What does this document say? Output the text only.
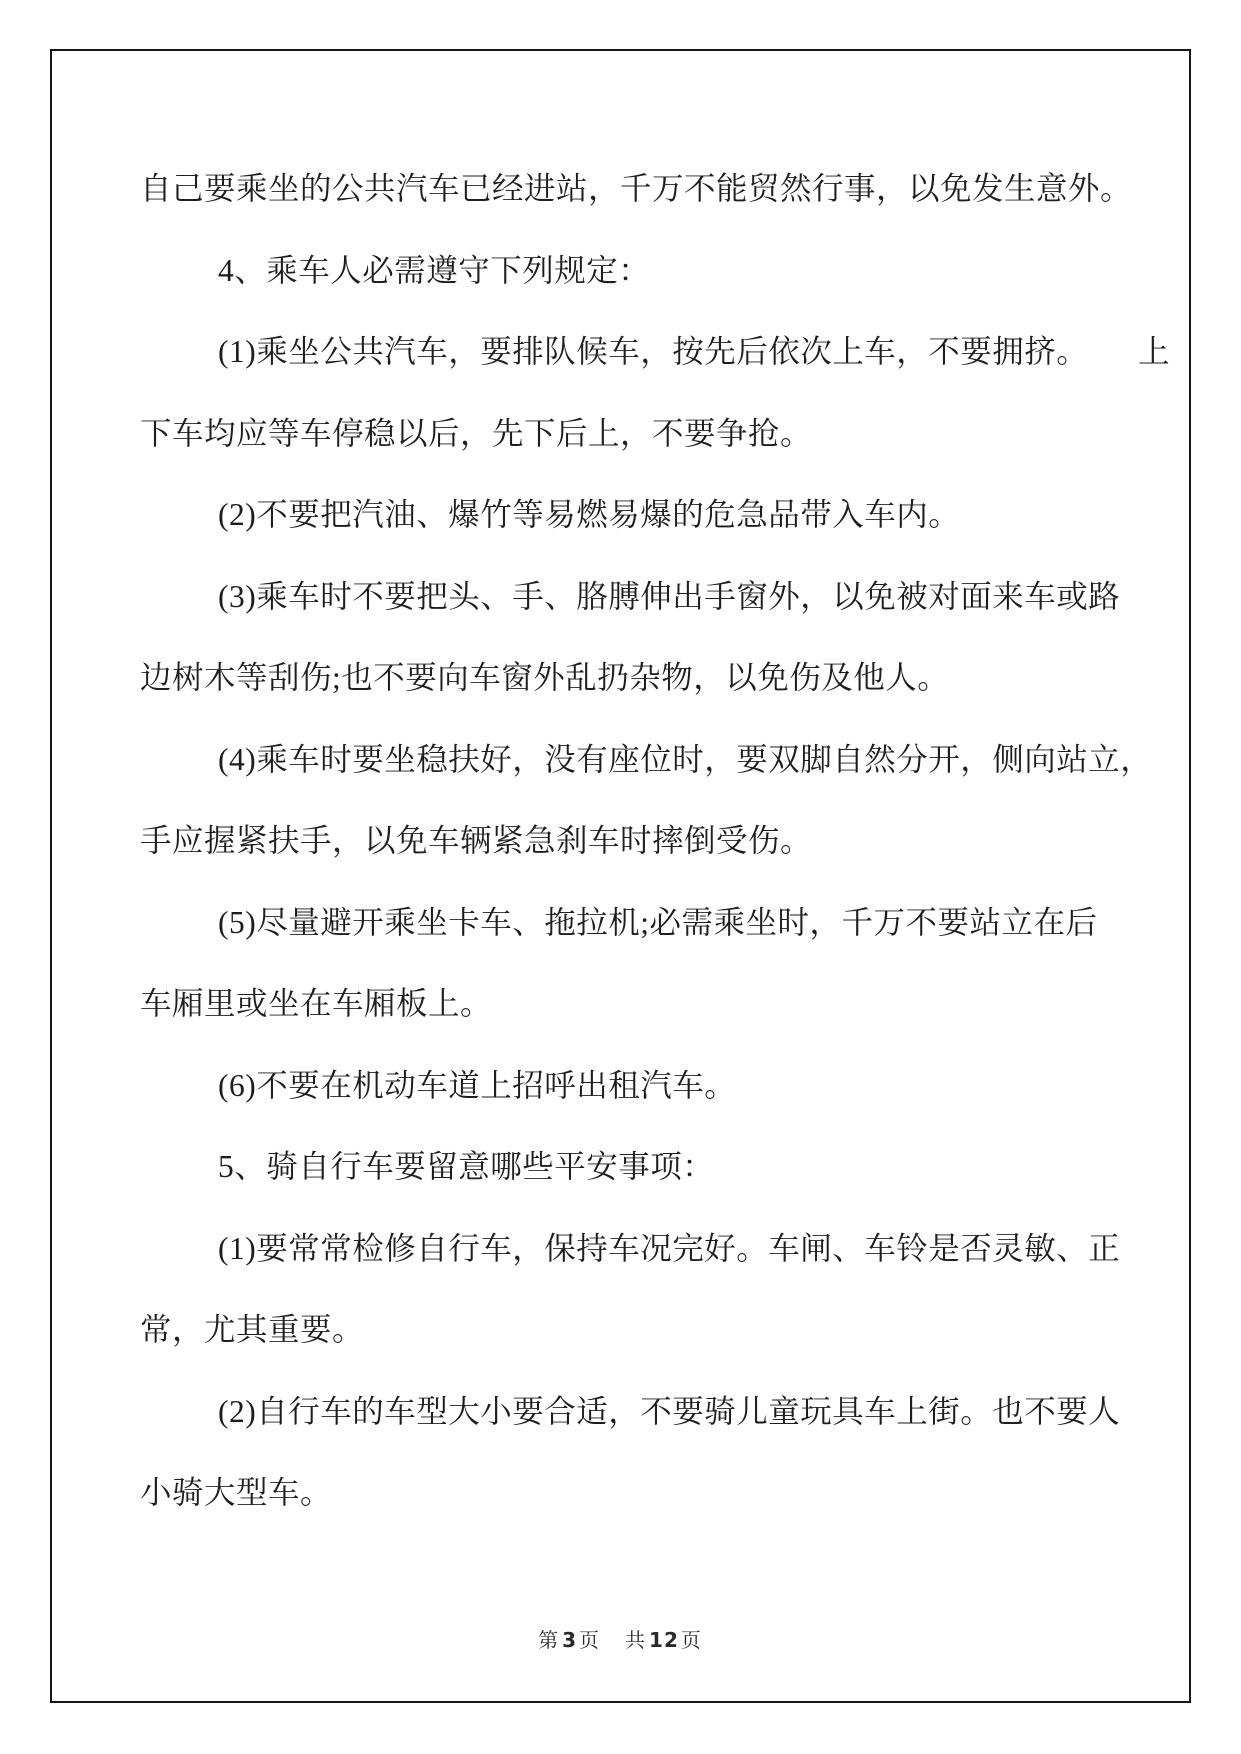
自己要乘坐的公共汽车已经进站，千万不能贸然行事，以免发生意外。
4、乘车人必需遵守下列规定：
上
(1)乘坐公共汽车，要排队候车，按先后依次上车，不要拥挤。
下车均应等车停稳以后，先下后上，不要争抢。
(2)不要把汽油、爆竹等易燃易爆的危急品带入车内。
(3)乘车时不要把头、手、胳膊伸出手窗外，以免被对面来车或路
边树木等刮伤;也不要向车窗外乱扔杂物，以免伤及他人。
(4)乘车时要坐稳扶好，没有座位时，要双脚自然分开，侧向站立，
手应握紧扶手，以免车辆紧急刹车时摔倒受伤。
(5)尽量避开乘坐卡车、拖拉机;必需乘坐时，千万不要站立在后
车厢里或坐在车厢板上。
(6)不要在机动车道上招呼出租汽车。
5、骑自行车要留意哪些平安事项：
(1)要常常检修自行车，保持车况完好。车闸、车铃是否灵敏、正
常，尤其重要。
(2)自行车的车型大小要合适，不要骑儿童玩具车上街。也不要人
小骑大型车。
第 3 页 共 12 页
